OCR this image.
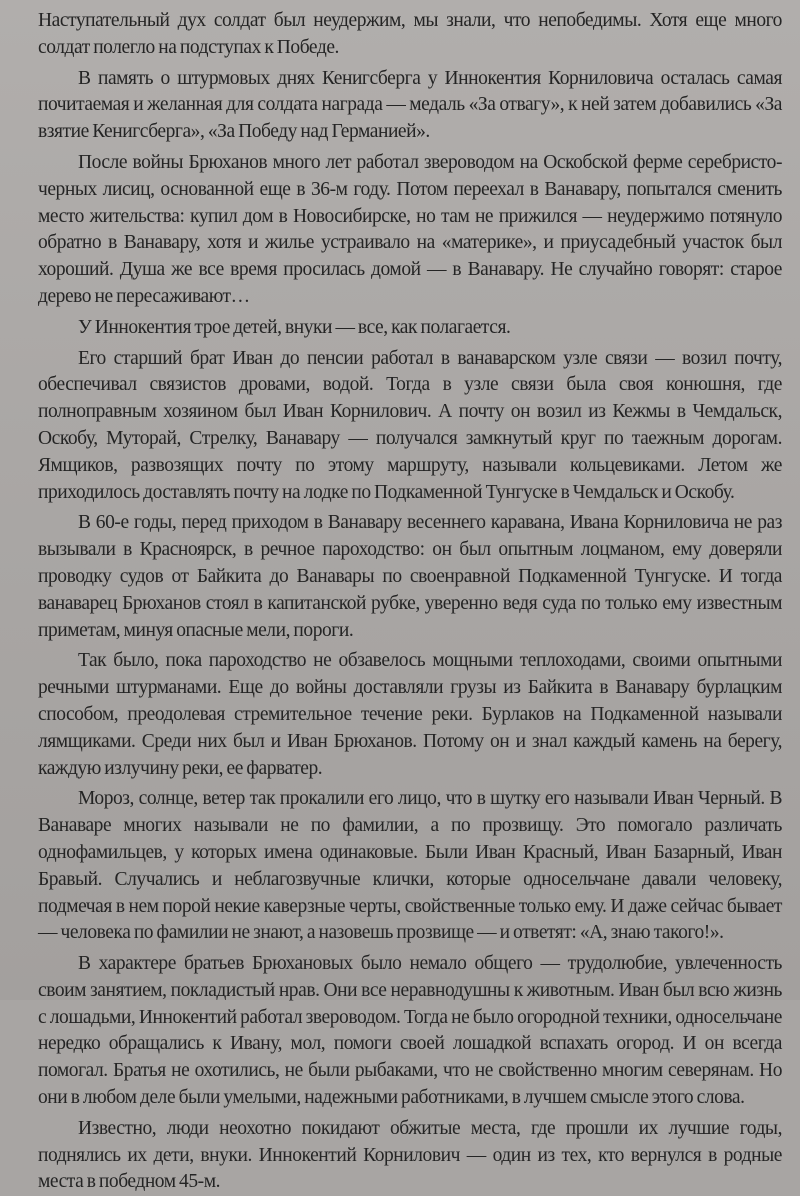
Наступательный дух солдат был неудержим, мы знали, что непобедимы. Хотя еще много солдат полегло на подступах к Победе.

В память о штурмовых днях Кенигсберга у Иннокентия Корниловича осталась самая почитаемая и желанная для солдата награда — медаль «За отвагу», к ней затем добавились «За взятие Кенигсберга», «За Победу над Германией».

После войны Брюханов много лет работал звероводом на Оскобской ферме серебристо-черных лисиц, основанной еще в 36-м году. Потом переехал в Ванавару, попытался сменить место жительства: купил дом в Новосибирске, но там не прижился — неудержимо потянуло обратно в Ванавару, хотя и жилье устраивало на «материке», и приусадебный участок был хороший. Душа же все время просилась домой — в Ванавару. Не случайно говорят: старое дерево не пересаживают…

У Иннокентия трое детей, внуки — все, как полагается.

Его старший брат Иван до пенсии работал в ванаварском узле связи — возил почту, обеспечивал связистов дровами, водой. Тогда в узле связи была своя конюшня, где полноправным хозяином был Иван Корнилович. А почту он возил из Кежмы в Чемдальск, Оскобу, Муторай, Стрелку, Ванавару — получался замкнутый круг по таежным дорогам. Ямщиков, развозящих почту по этому маршруту, называли кольцевиками. Летом же приходилось доставлять почту на лодке по Подкаменной Тунгуске в Чемдальск и Оскобу.

В 60-е годы, перед приходом в Ванавару весеннего каравана, Ивана Корниловича не раз вызывали в Красноярск, в речное пароходство: он был опытным лоцманом, ему доверяли проводку судов от Байкита до Ванавары по своенравной Подкаменной Тунгуске. И тогда ванаварец Брюханов стоял в капитанской рубке, уверенно ведя суда по только ему известным приметам, минуя опасные мели, пороги.

Так было, пока пароходство не обзавелось мощными теплоходами, своими опытными речными штурманами. Еще до войны доставляли грузы из Байкита в Ванавару бурлацким способом, преодолевая стремительное течение реки. Бурлаков на Подкаменной называли лямщиками. Среди них был и Иван Брюханов. Потому он и знал каждый камень на берегу, каждую излучину реки, ее фарватер.

Мороз, солнце, ветер так прокалили его лицо, что в шутку его называли Иван Черный. В Ванаваре многих называли не по фамилии, а по прозвищу. Это помогало различать однофамильцев, у которых имена одинаковые. Были Иван Красный, Иван Базарный, Иван Бравый. Случались и неблагозвучные клички, которые односельчане давали человеку, подмечая в нем порой некие каверзные черты, свойственные только ему. И даже сейчас бывает — человека по фамилии не знают, а назовешь прозвище — и ответят: «А, знаю такого!».

В характере братьев Брюхановых было немало общего — трудолюбие, увлеченность своим занятием, покладистый нрав. Они все неравнодушны к животным. Иван был всю жизнь с лошадьми, Иннокентий работал звероводом. Тогда не было огородной техники, односельчане нередко обращались к Ивану, мол, помоги своей лошадкой вспахать огород. И он всегда помогал. Братья не охотились, не были рыбаками, что не свойственно многим северянам. Но они в любом деле были умелыми, надежными работниками, в лучшем смысле этого слова.

Известно, люди неохотно покидают обжитые места, где прошли их лучшие годы, поднялись их дети, внуки. Иннокентий Корнилович — один из тех, кто вернулся в родные места в победном 45-м.
